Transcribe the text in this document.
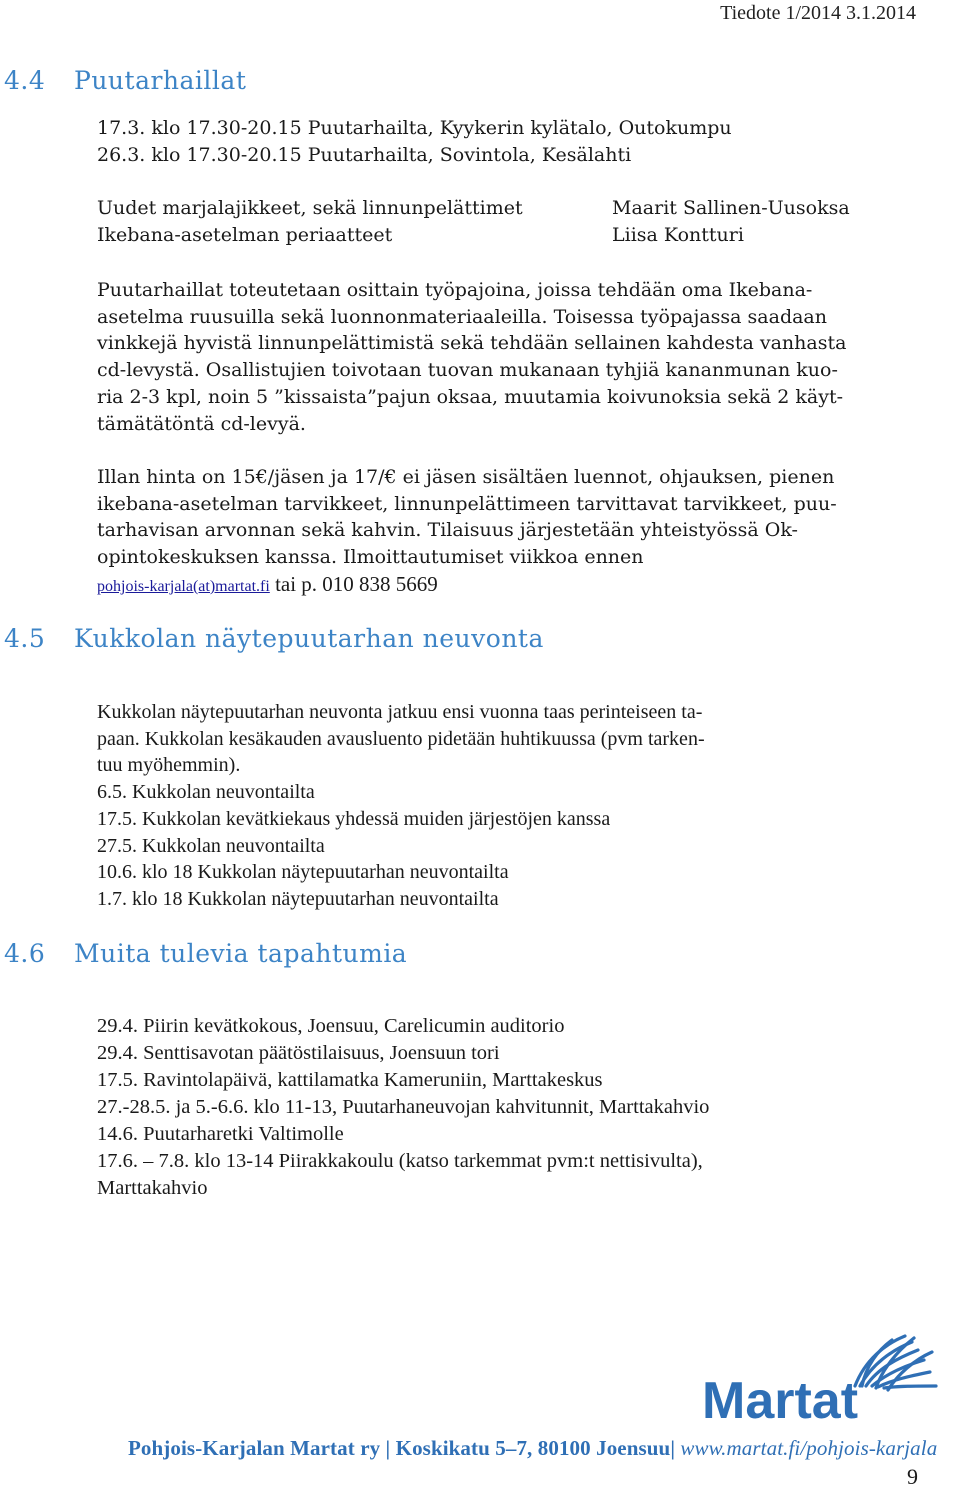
Tiedote 1/2014 3.1.2014
4.4 Puutarhaillat
17.3. klo 17.30-20.15 Puutarhailta, Kyykerin kylätalo, Outokumpu
26.3. klo 17.30-20.15 Puutarhailta, Sovintola, Kesälahti
Uudet marjalajikkeet, sekä linnunpelättimet
Ikebana-asetelman periaatteet
Maarit Sallinen-Uusoksa
Liisa Kontturi
Puutarhaillat toteutetaan osittain työpajoina, joissa tehdään oma Ikebana-
asetelma ruusuilla sekä luonnonmateriaaleilla. Toisessa työpajassa saadaan
vinkkejä hyvistä linnunpelättimistä sekä tehdään sellainen kahdesta vanhasta
cd-levystä. Osallistujien toivotaan tuovan mukanaan tyhjiä kananmunan kuo-
ria 2-3 kpl, noin 5 ”kissaista”pajun oksaa, muutamia koivunoksia sekä 2 käyt-
tämätätöntä cd-levyä.
Illan hinta on 15€/jäsen ja 17/€ ei jäsen sisältäen luennot, ohjauksen, pienen
ikebana-asetelman tarvikkeet, linnunpelättimeen tarvittavat tarvikkeet, puu-
tarhavisan arvonnan sekä kahvin. Tilaisuus järjestetään yhteistyössä Ok-
opintokeskuksen kanssa. Ilmoittautumiset viikkoa ennen
pohjois-karjala(at)martat.fi tai p. 010 838 5669
4.5 Kukkolan näytepuutarhan neuvonta
Kukkolan näytepuutarhan neuvonta jatkuu ensi vuonna taas perinteiseen ta-
paan. Kukkolan kesäkauden avausluento pidetään huhtikuussa (pvm tarken-
tuu myöhemmin).
6.5. Kukkolan neuvontailta
17.5. Kukkolan kevätkiekaus yhdessä muiden järjestöjen kanssa
27.5. Kukkolan neuvontailta
10.6. klo 18 Kukkolan näytepuutarhan neuvontailta
1.7. klo 18 Kukkolan näytepuutarhan neuvontailta
4.6 Muita tulevia tapahtumia
29.4. Piirin kevätkokous, Joensuu, Carelicumin auditorio
29.4. Senttisavotan päätöstilaisuus, Joensuun tori
17.5. Ravintolapäivä, kattilamatka Kameruniin, Marttakeskus
27.-28.5. ja 5.-6.6. klo 11-13, Puutarhaneuvojan kahvitunnit, Marttakahvio
14.6. Puutarharetki Valtimolle
17.6. – 7.8. klo 13-14 Piirakkakoulu (katso tarkemmat pvm:t nettisivulta),
Marttakahvio
Martat
Pohjois-Karjalan Martat ry | Koskikatu 5–7, 80100 Joensuu| www.martat.fi/pohjois-karjala
9
